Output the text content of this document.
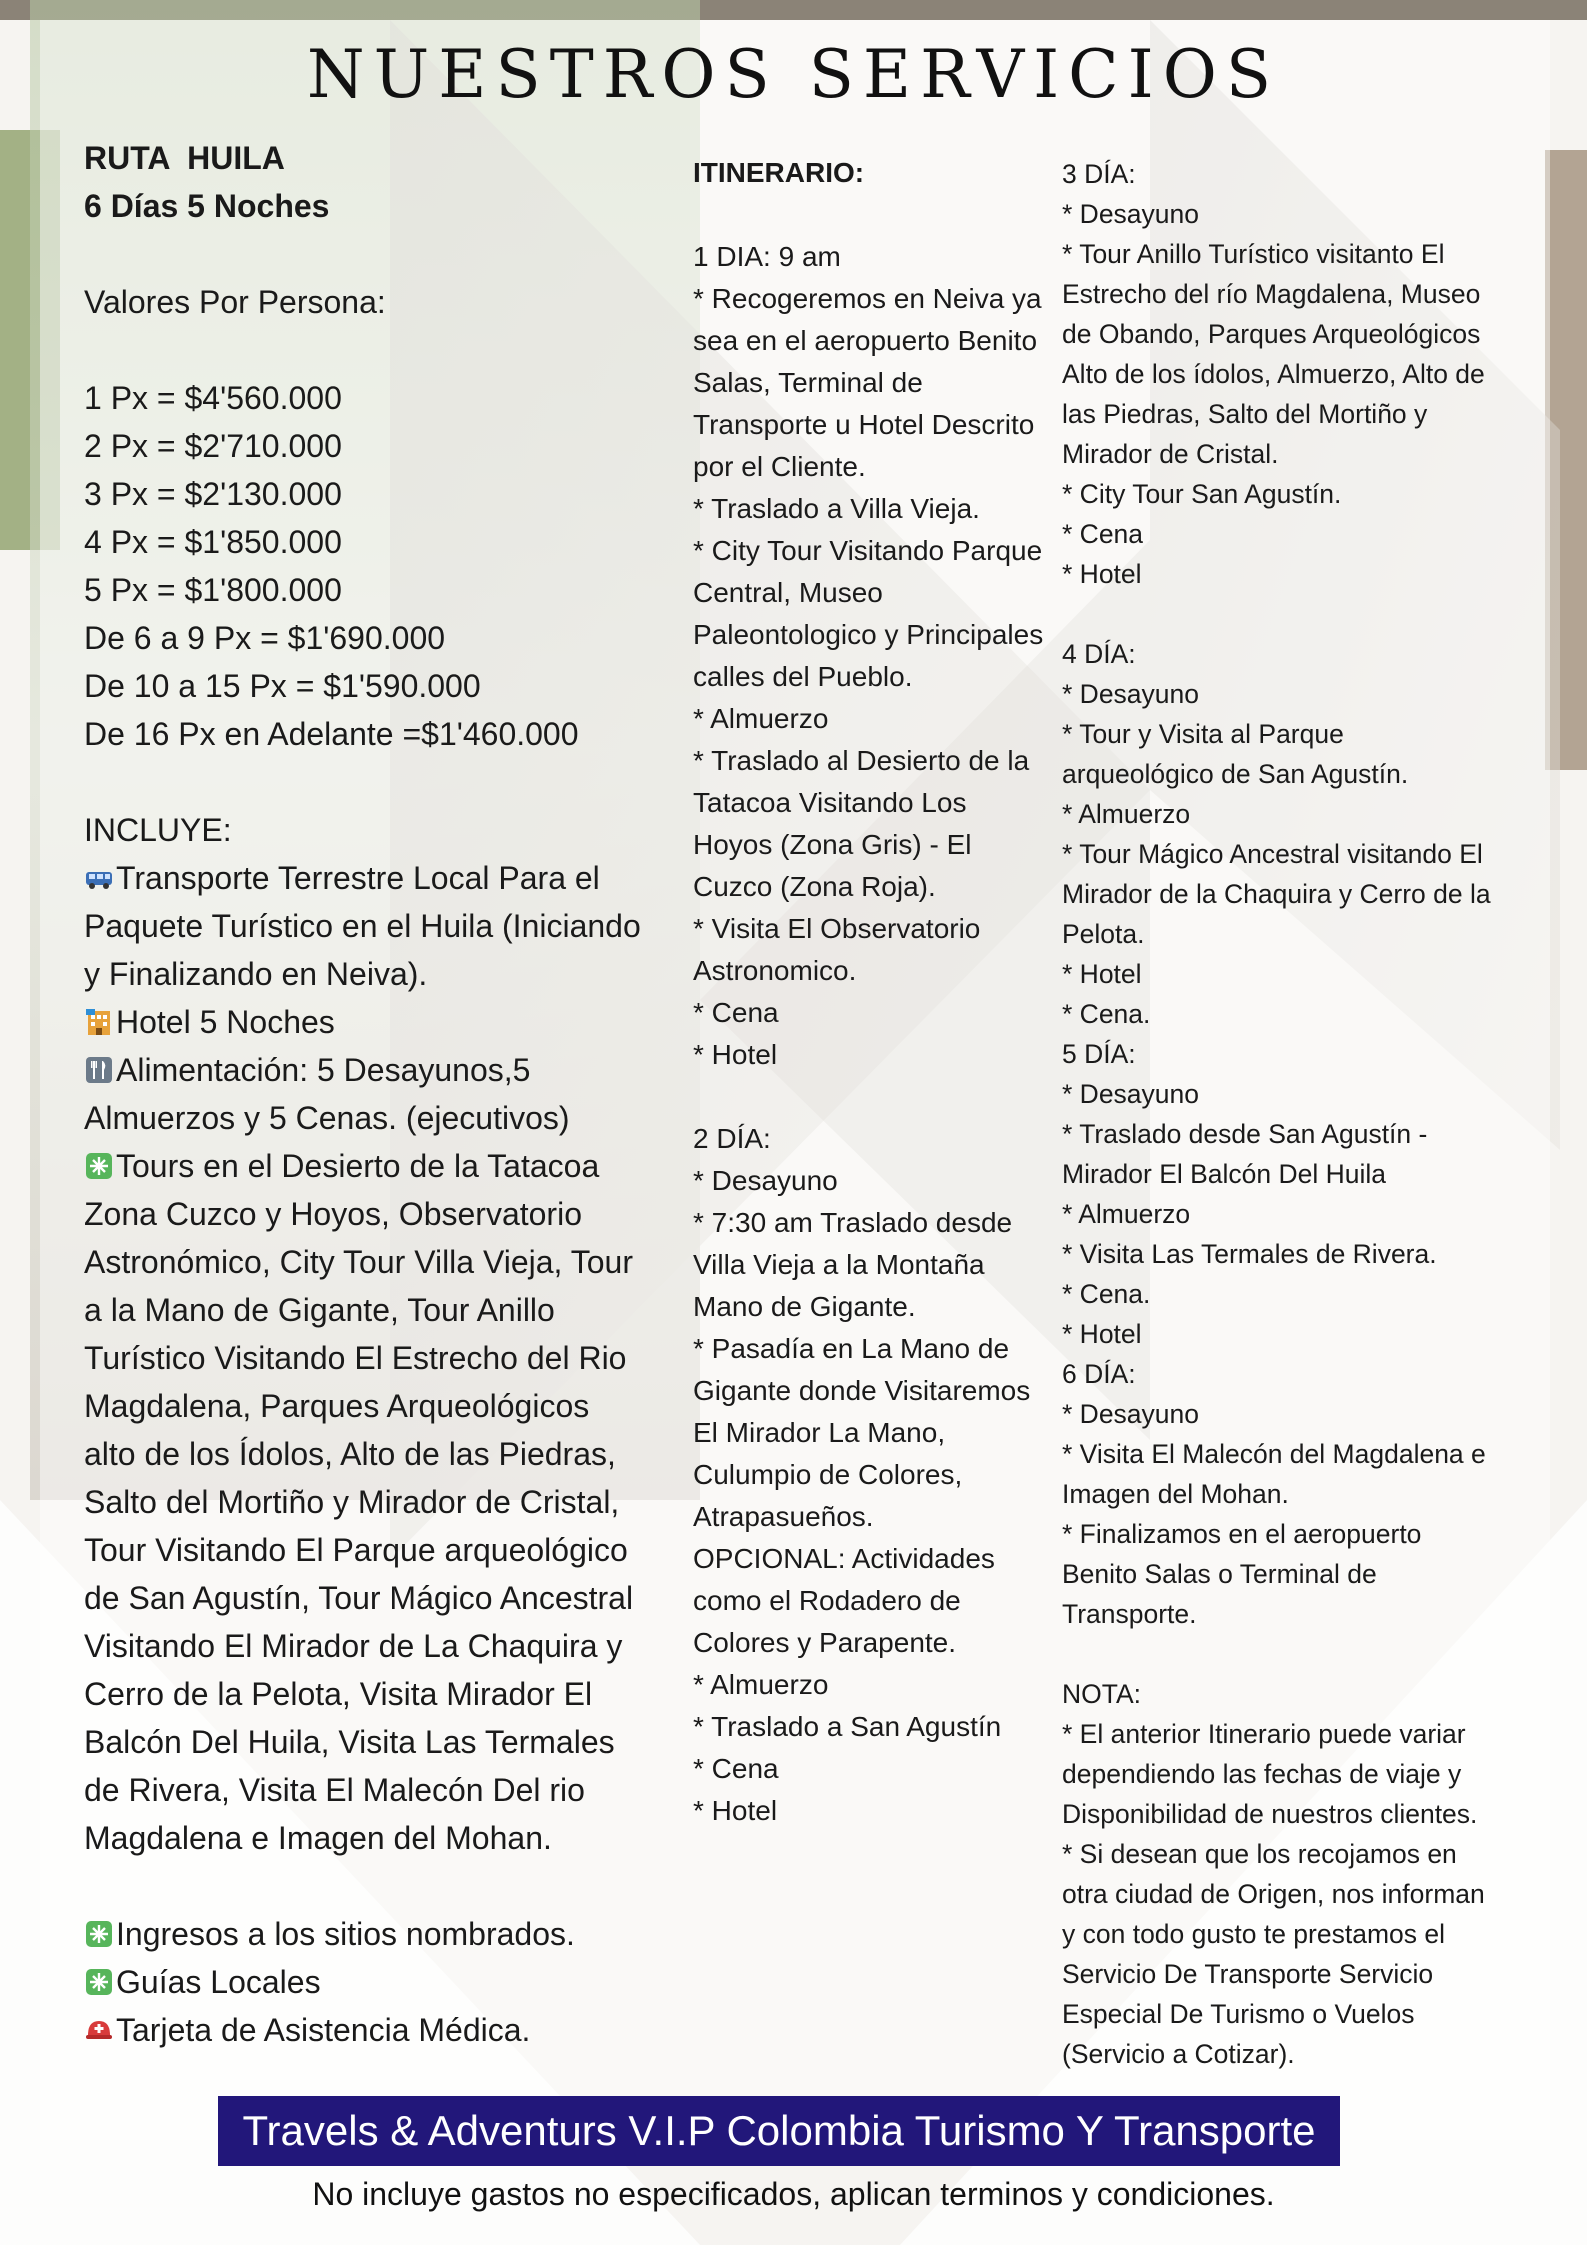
NUESTROS SERVICIOS
RUTA  HUILA
6 Días 5 Noches
Valores Por Persona:
1 Px = $4'560.000
2 Px = $2'710.000
3 Px = $2'130.000
4 Px = $1'850.000
5 Px = $1'800.000
De 6 a 9 Px = $1'690.000
De 10 a 15 Px = $1'590.000
De 16 Px en Adelante =$1'460.000
INCLUYE:
Transporte Terrestre Local Para el
Paquete Turístico en el Huila (Iniciando
y Finalizando en Neiva).
Hotel 5 Noches
Alimentación: 5 Desayunos,5
Almuerzos y 5 Cenas. (ejecutivos)
Tours en el Desierto de la Tatacoa
Zona Cuzco y Hoyos, Observatorio
Astronómico, City Tour Villa Vieja, Tour
a la Mano de Gigante, Tour Anillo
Turístico Visitando El Estrecho del Rio
Magdalena, Parques Arqueológicos
alto de los Ídolos, Alto de las Piedras,
Salto del Mortiño y Mirador de Cristal,
Tour Visitando El Parque arqueológico
de San Agustín, Tour Mágico Ancestral
Visitando El Mirador de La Chaquira y
Cerro de la Pelota, Visita Mirador El
Balcón Del Huila, Visita Las Termales
de Rivera, Visita El Malecón Del rio
Magdalena e Imagen del Mohan.
Ingresos a los sitios nombrados.
Guías Locales
Tarjeta de Asistencia Médica.
ITINERARIO:
1 DIA: 9 am
* Recogeremos en Neiva ya
sea en el aeropuerto Benito
Salas, Terminal de
Transporte u Hotel Descrito
por el Cliente.
* Traslado a Villa Vieja.
* City Tour Visitando Parque
Central, Museo
Paleontologico y Principales
calles del Pueblo.
* Almuerzo
* Traslado al Desierto de la
Tatacoa Visitando Los
Hoyos (Zona Gris) - El
Cuzco (Zona Roja).
* Visita El Observatorio
Astronomico.
* Cena
* Hotel
2 DÍA:
* Desayuno
* 7:30 am Traslado desde
Villa Vieja a la Montaña
Mano de Gigante.
* Pasadía en La Mano de
Gigante donde Visitaremos
El Mirador La Mano,
Culumpio de Colores,
Atrapasueños.
OPCIONAL: Actividades
como el Rodadero de
Colores y Parapente.
* Almuerzo
* Traslado a San Agustín
* Cena
* Hotel
3 DÍA:
* Desayuno
* Tour Anillo Turístico visitanto El
Estrecho del río Magdalena, Museo
de Obando, Parques Arqueológicos
Alto de los ídolos, Almuerzo, Alto de
las Piedras, Salto del Mortiño y
Mirador de Cristal.
* City Tour San Agustín.
* Cena
* Hotel
4 DÍA:
* Desayuno
* Tour y Visita al Parque
arqueológico de San Agustín.
* Almuerzo
* Tour Mágico Ancestral visitando El
Mirador de la Chaquira y Cerro de la
Pelota.
* Hotel
* Cena.
5 DÍA:
* Desayuno
* Traslado desde San Agustín -
Mirador El Balcón Del Huila
* Almuerzo
* Visita Las Termales de Rivera.
* Cena.
* Hotel
6 DÍA:
* Desayuno
* Visita El Malecón del Magdalena e
Imagen del Mohan.
* Finalizamos en el aeropuerto
Benito Salas o Terminal de
Transporte.
NOTA:
* El anterior Itinerario puede variar
dependiendo las fechas de viaje y
Disponibilidad de nuestros clientes.
* Si desean que los recojamos en
otra ciudad de Origen, nos informan
y con todo gusto te prestamos el
Servicio De Transporte Servicio
Especial De Turismo o Vuelos
(Servicio a Cotizar).
Travels & Adventurs V.I.P Colombia Turismo Y Transporte
No incluye gastos no especificados, aplican terminos y condiciones.
